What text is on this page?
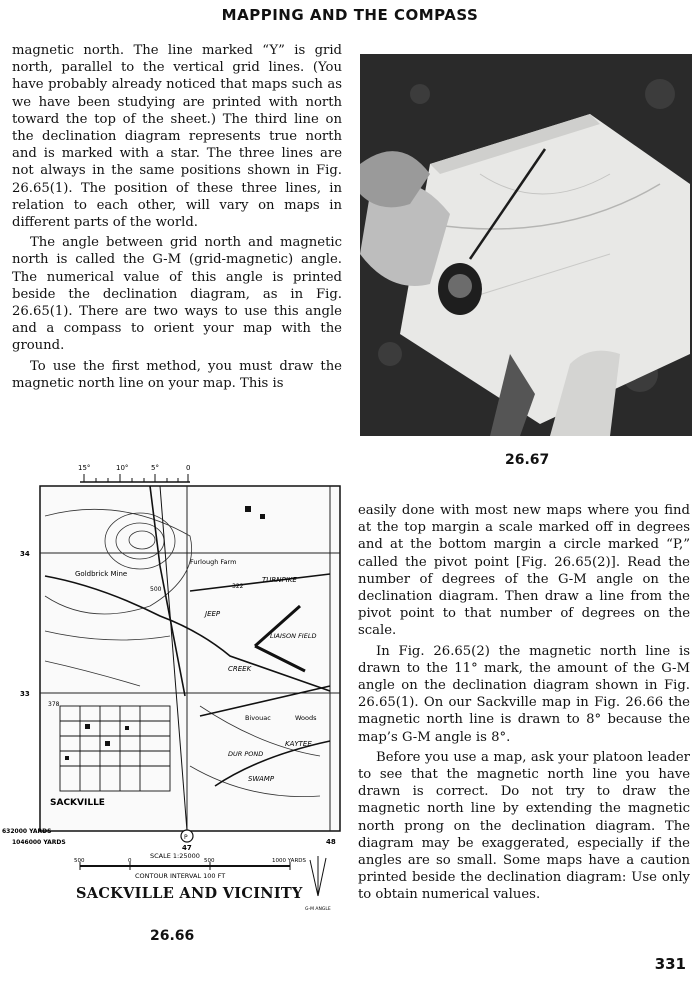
MAPPING AND THE COMPASS

magnetic north. The line marked “Y” is grid north, parallel to the vertical grid lines. (You have probably already noticed that maps such as we have been studying are printed with north toward the top of the sheet.) The third line on the declination diagram represents true north and is marked with a star. The three lines are not always in the same positions shown in Fig. 26.65(1). The position of these three lines, in relation to each other, will vary on maps in different parts of the world.

The angle between grid north and magnetic north is called the G-M (grid-magnetic) angle. The numerical value of this angle is printed beside the declination diagram, as in Fig. 26.65(1). There are two ways to use this angle and a compass to orient your map with the ground.

To use the first method, you must draw the magnetic north line on your map. This is

26.67
15°	10°	5°	0
P
34
33
632000 YARDS
1046000 YARDS
47
48
Goldbrick Mine
Furlough Farm
TURNPIKE
JEEP
LIAISON FIELD
CREEK
Bivouac	Woods
SACKVILLE
DUR POND
KAYTEE
SWAMP
500	322
378
SCALE 1:25000
500	0	500	1000 YARDS
CONTOUR INTERVAL 100 FT
G-M ANGLE
SACKVILLE AND VICINITY
26.66

easily done with most new maps where you find at the top margin a scale marked off in degrees and at the bottom margin a circle marked “P,” called the pivot point [Fig. 26.65(2)]. Read the number of degrees of the G-M angle on the declination diagram. Then draw a line from the pivot point to that number of degrees on the scale.

In Fig. 26.65(2) the magnetic north line is drawn to the 11° mark, the amount of the G-M angle on the declination diagram shown in Fig. 26.65(1). On our Sackville map in Fig. 26.66 the magnetic north line is drawn to 8° because the map’s G-M angle is 8°.

Before you use a map, ask your platoon leader to see that the magnetic north line you have drawn is correct. Do not try to draw the magnetic north line by extending the magnetic north prong on the declination diagram. The diagram may be exaggerated, especially if the angles are so small. Some maps have a caution printed beside the declination diagram: Use only to obtain numerical values.

331
